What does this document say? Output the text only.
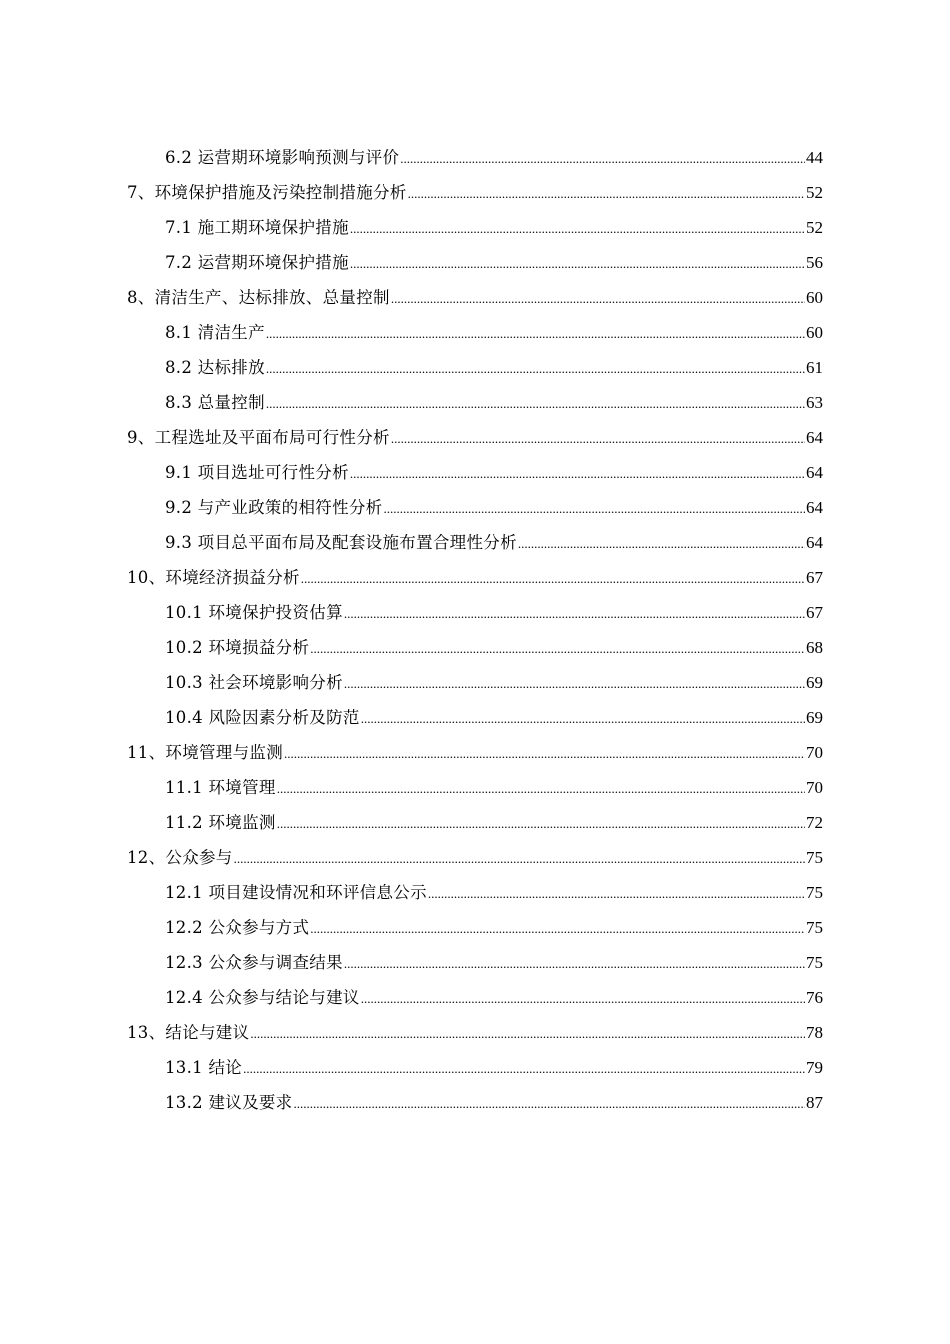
6.2 运营期环境影响预测与评价 .....	44
7、环境保护措施及污染控制措施分析 .....	52
7.1 施工期环境保护措施 .....	52
7.2 运营期环境保护措施 .....	56
8、清洁生产、达标排放、总量控制 .....	60
8.1 清洁生产 .....	60
8.2 达标排放 .....	61
8.3 总量控制 .....	63
9、工程选址及平面布局可行性分析 .....	64
9.1 项目选址可行性分析 .....	64
9.2 与产业政策的相符性分析 .....	64
9.3 项目总平面布局及配套设施布置合理性分析 .....	64
10、环境经济损益分析 .....	67
10.1 环境保护投资估算 .....	67
10.2 环境损益分析 .....	68
10.3 社会环境影响分析 .....	69
10.4 风险因素分析及防范 .....	69
11、环境管理与监测 .....	70
11.1 环境管理 .....	70
11.2 环境监测 .....	72
12、公众参与 .....	75
12.1 项目建设情况和环评信息公示 .....	75
12.2 公众参与方式 .....	75
12.3 公众参与调查结果 .....	75
12.4 公众参与结论与建议 .....	76
13、结论与建议 .....	78
13.1 结论 .....	79
13.2 建议及要求 .....	87
